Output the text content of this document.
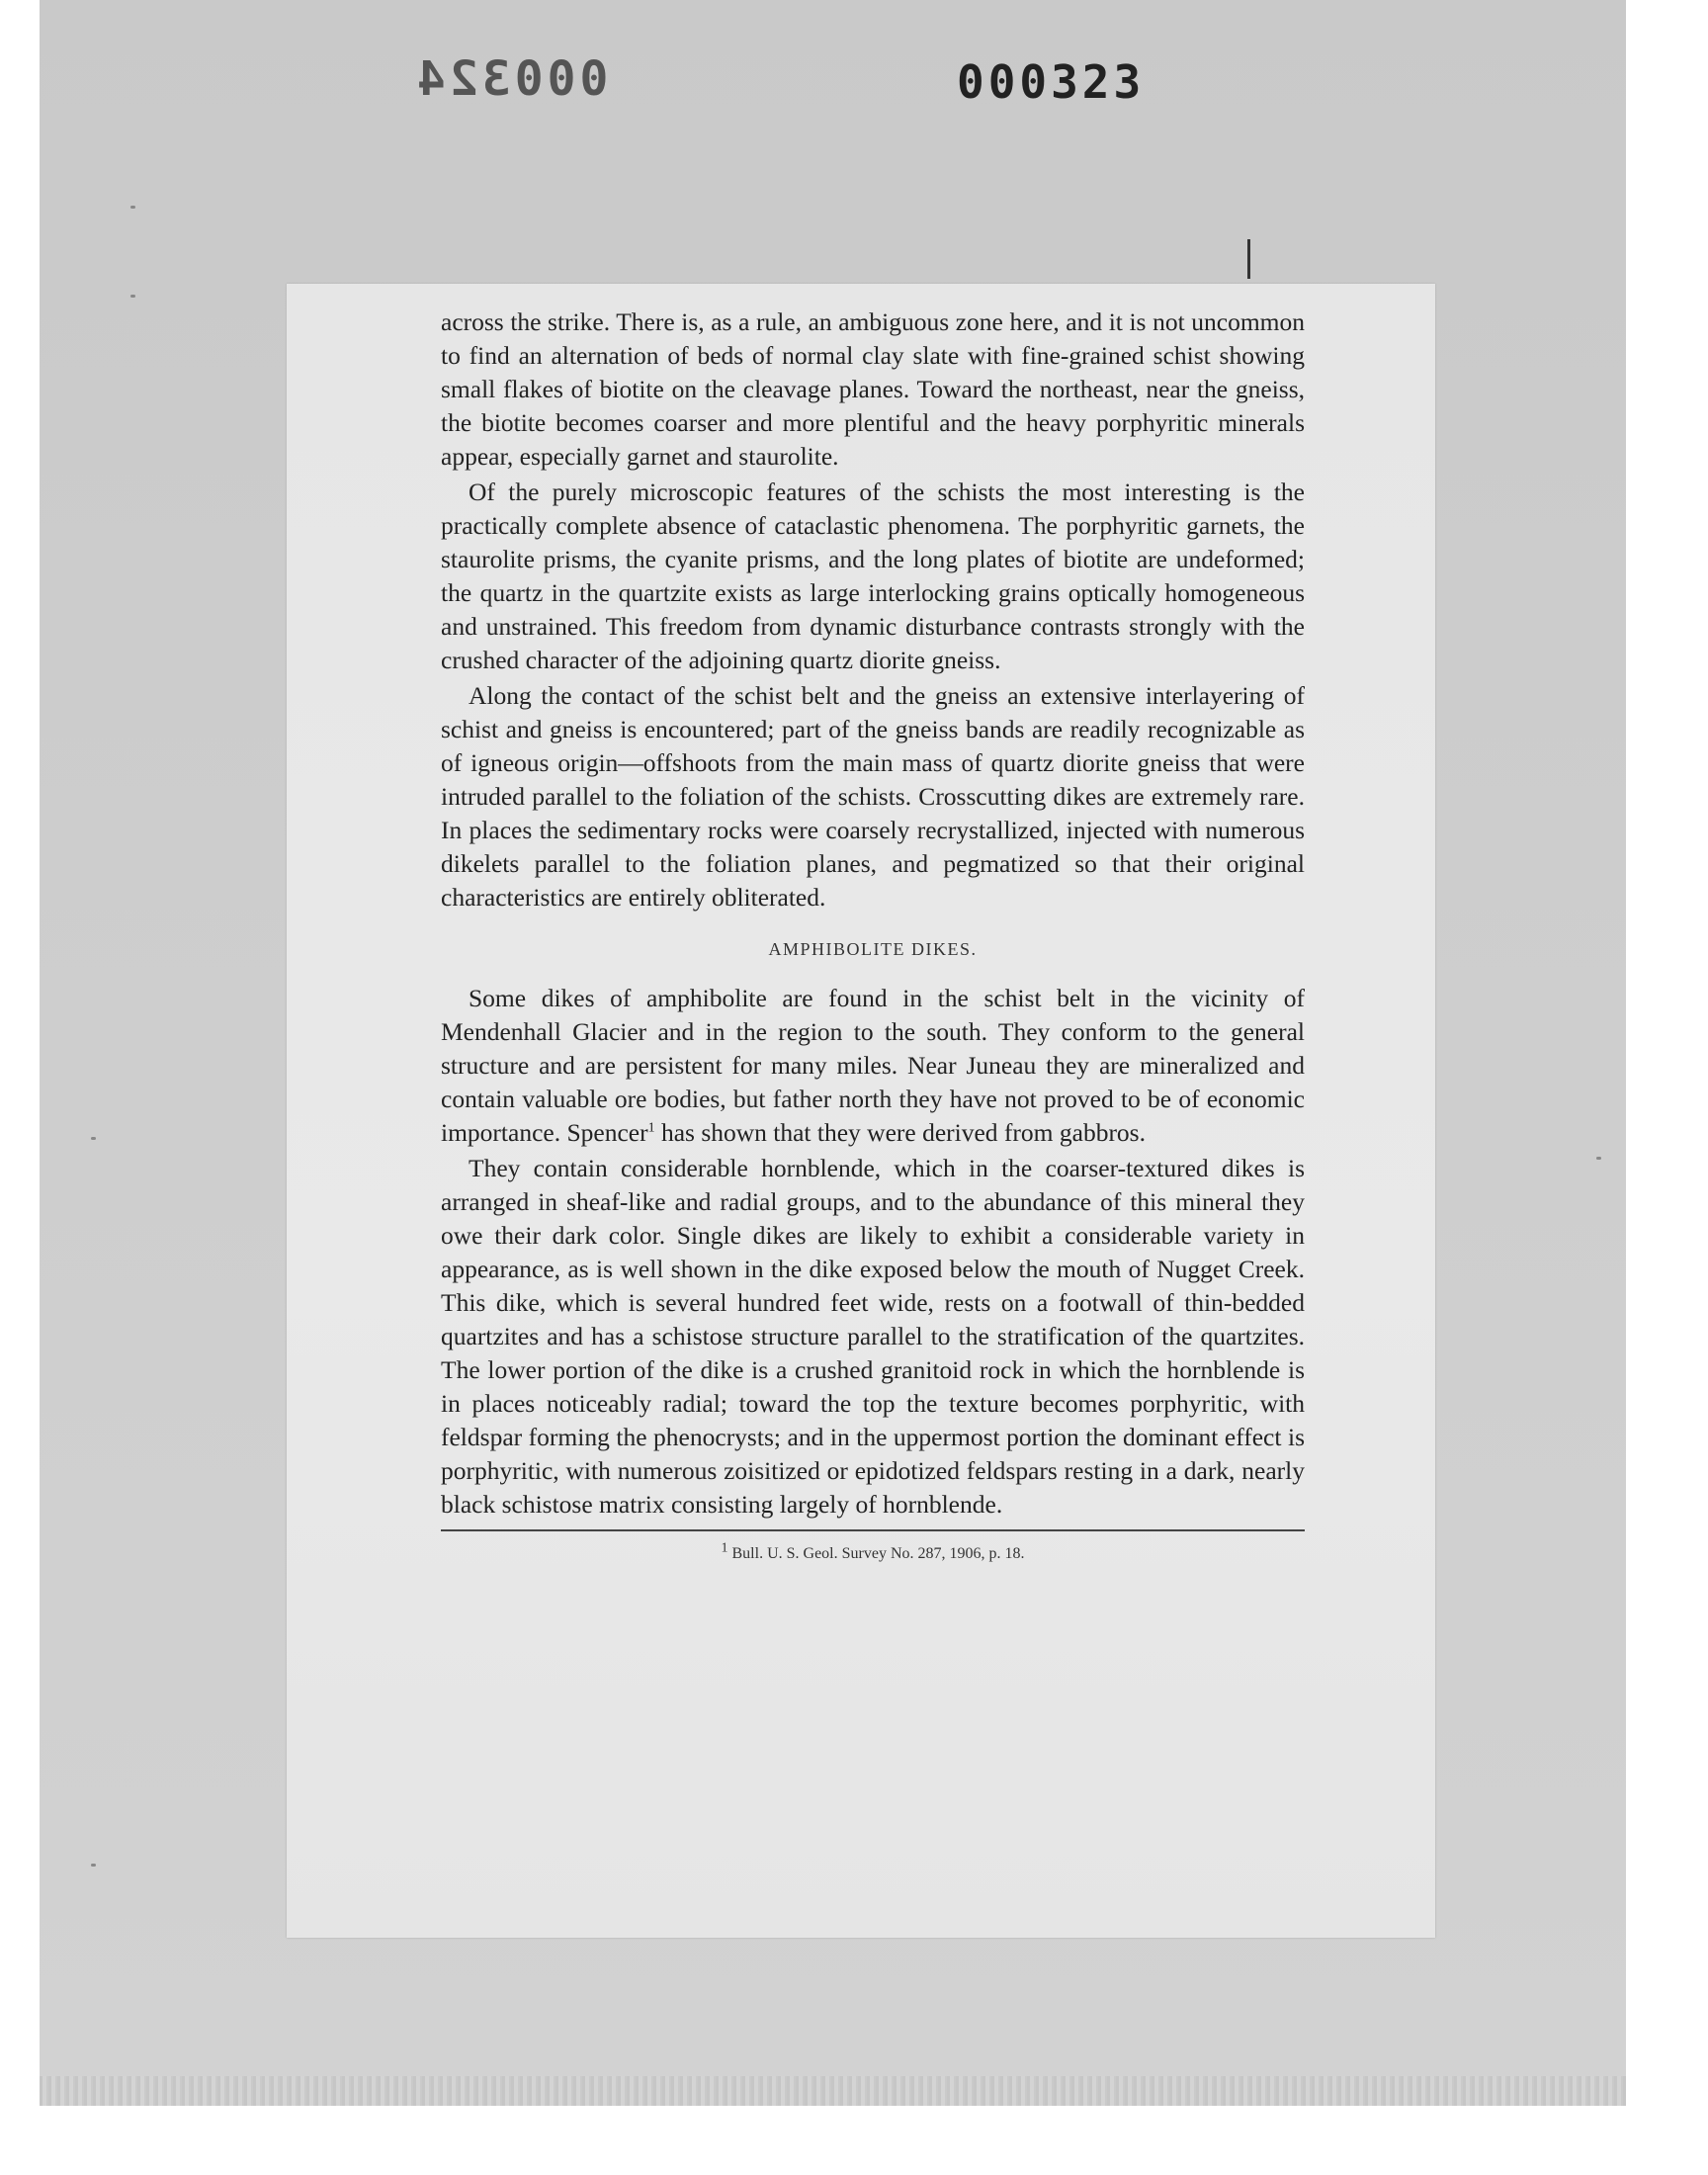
000324	000323

across the strike. There is, as a rule, an ambiguous zone here, and it is not uncommon to find an alternation of beds of normal clay slate with fine-grained schist showing small flakes of biotite on the cleavage planes. Toward the northeast, near the gneiss, the biotite becomes coarser and more plentiful and the heavy porphyritic minerals appear, especially garnet and staurolite.

Of the purely microscopic features of the schists the most interesting is the practically complete absence of cataclastic phenomena. The porphyritic garnets, the staurolite prisms, the cyanite prisms, and the long plates of biotite are undeformed; the quartz in the quartzite exists as large interlocking grains optically homogeneous and unstrained. This freedom from dynamic disturbance contrasts strongly with the crushed character of the adjoining quartz diorite gneiss.

Along the contact of the schist belt and the gneiss an extensive interlayering of schist and gneiss is encountered; part of the gneiss bands are readily recognizable as of igneous origin—offshoots from the main mass of quartz diorite gneiss that were intruded parallel to the foliation of the schists. Crosscutting dikes are extremely rare. In places the sedimentary rocks were coarsely recrystallized, injected with numerous dikelets parallel to the foliation planes, and pegmatized so that their original characteristics are entirely obliterated.

AMPHIBOLITE DIKES.

Some dikes of amphibolite are found in the schist belt in the vicinity of Mendenhall Glacier and in the region to the south. They conform to the general structure and are persistent for many miles. Near Juneau they are mineralized and contain valuable ore bodies, but father north they have not proved to be of economic importance. Spencer$^1$ has shown that they were derived from gabbros.

They contain considerable hornblende, which in the coarser-textured dikes is arranged in sheaf-like and radial groups, and to the abundance of this mineral they owe their dark color. Single dikes are likely to exhibit a considerable variety in appearance, as is well shown in the dike exposed below the mouth of Nugget Creek. This dike, which is several hundred feet wide, rests on a footwall of thin-bedded quartzites and has a schistose structure parallel to the stratification of the quartzites. The lower portion of the dike is a crushed granitoid rock in which the hornblende is in places noticeably radial; toward the top the texture becomes porphyritic, with feldspar forming the phenocrysts; and in the uppermost portion the dominant effect is porphyritic, with numerous zoisitized or epidotized feldspars resting in a dark, nearly black schistose matrix consisting largely of hornblende.

$^1$ Bull. U. S. Geol. Survey No. 287, 1906, p. 18.
